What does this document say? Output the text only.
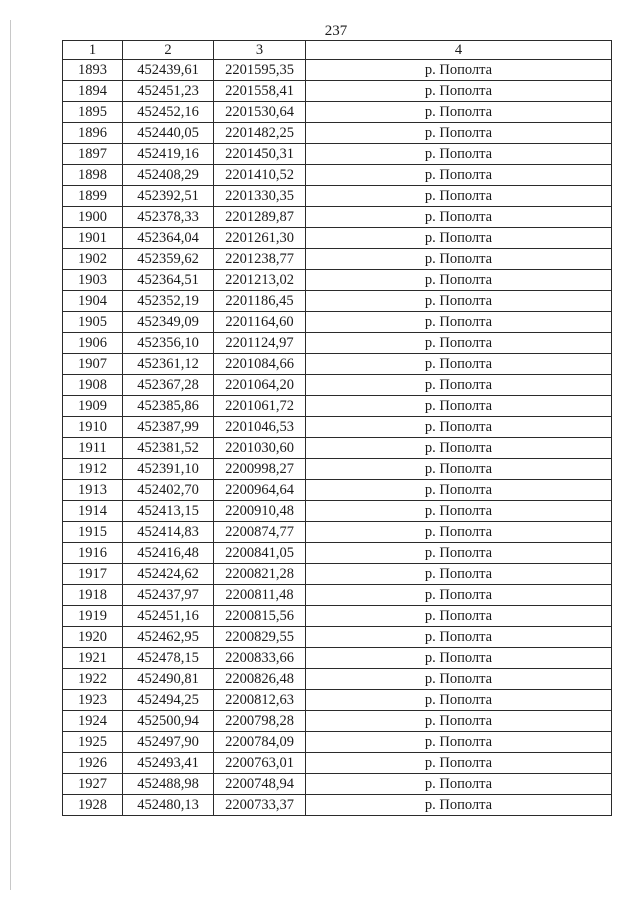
237
1	2	3	4
1893	452439,61	2201595,35	р. Пополта
1894	452451,23	2201558,41	р. Пополта
1895	452452,16	2201530,64	р. Пополта
1896	452440,05	2201482,25	р. Пополта
1897	452419,16	2201450,31	р. Пополта
1898	452408,29	2201410,52	р. Пополта
1899	452392,51	2201330,35	р. Пополта
1900	452378,33	2201289,87	р. Пополта
1901	452364,04	2201261,30	р. Пополта
1902	452359,62	2201238,77	р. Пополта
1903	452364,51	2201213,02	р. Пополта
1904	452352,19	2201186,45	р. Пополта
1905	452349,09	2201164,60	р. Пополта
1906	452356,10	2201124,97	р. Пополта
1907	452361,12	2201084,66	р. Пополта
1908	452367,28	2201064,20	р. Пополта
1909	452385,86	2201061,72	р. Пополта
1910	452387,99	2201046,53	р. Пополта
1911	452381,52	2201030,60	р. Пополта
1912	452391,10	2200998,27	р. Пополта
1913	452402,70	2200964,64	р. Пополта
1914	452413,15	2200910,48	р. Пополта
1915	452414,83	2200874,77	р. Пополта
1916	452416,48	2200841,05	р. Пополта
1917	452424,62	2200821,28	р. Пополта
1918	452437,97	2200811,48	р. Пополта
1919	452451,16	2200815,56	р. Пополта
1920	452462,95	2200829,55	р. Пополта
1921	452478,15	2200833,66	р. Пополта
1922	452490,81	2200826,48	р. Пополта
1923	452494,25	2200812,63	р. Пополта
1924	452500,94	2200798,28	р. Пополта
1925	452497,90	2200784,09	р. Пополта
1926	452493,41	2200763,01	р. Пополта
1927	452488,98	2200748,94	р. Пополта
1928	452480,13	2200733,37	р. Пополта
